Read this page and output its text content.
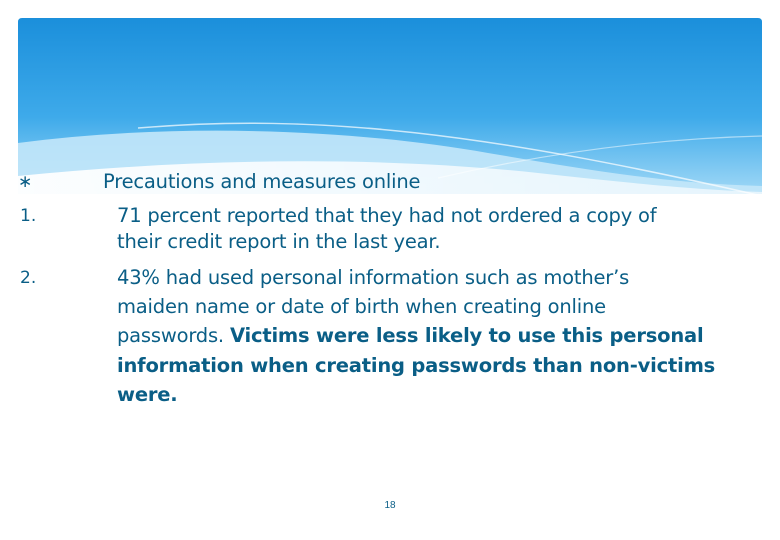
∗	Precautions and measures online
1.	71 percent reported that they had not ordered a copy of
their credit report in the last year.
2.	43% had used personal information such as mother’s
maiden name or date of birth when creating online
passwords. Victims were less likely to use this personal
information when creating passwords than non-victims
were.
18
